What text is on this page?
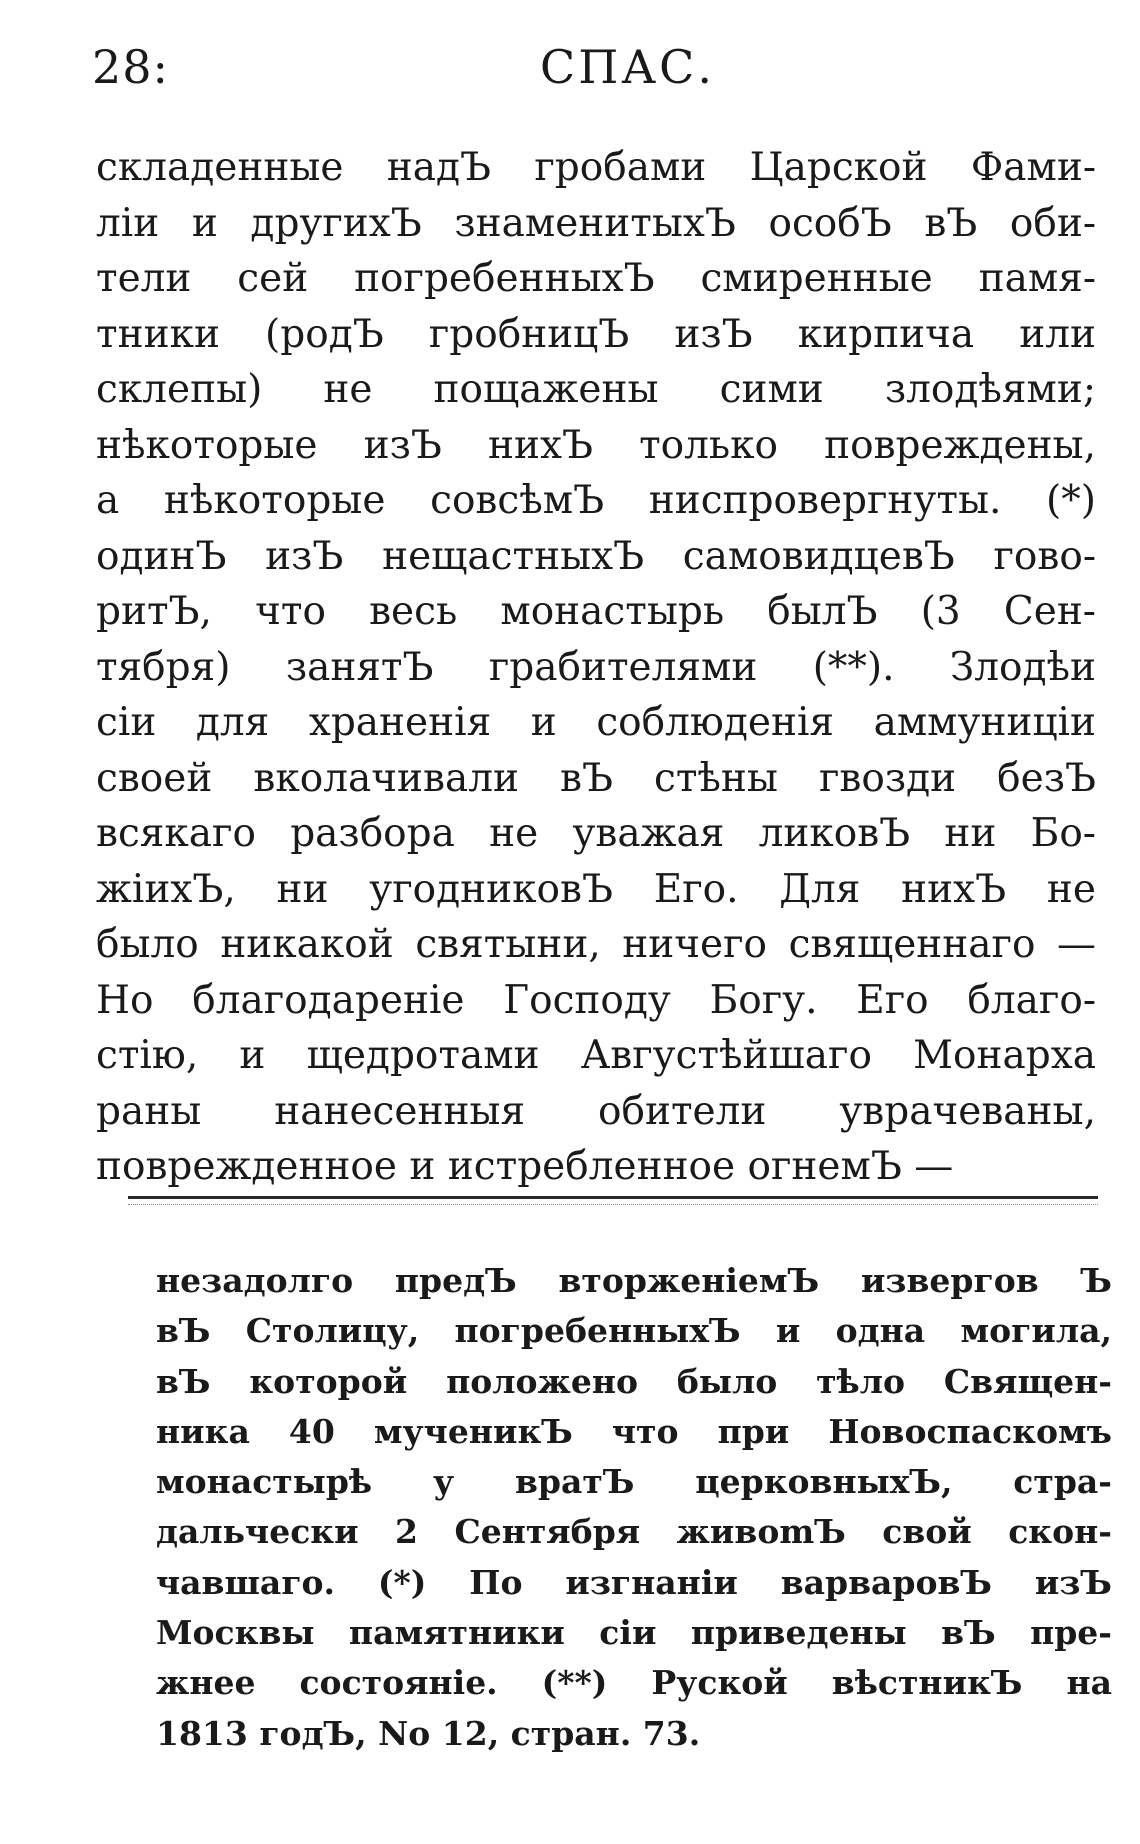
28:	СПАС.
складенные надЪ гробами Царской Фами-
лiи и другихЪ знаменитыхЪ особЪ вЪ оби-
тели сей погребенныхЪ смиренные памя-
тники (родЪ гробницЪ изЪ кирпича или
склепы) не пощажены сими злодѣями;
нѣкоторые изЪ нихЪ только повреждены,
а нѣкоторые совсѣмЪ ниспровергнуты. (*)
одинЪ изЪ нещастныхЪ самовидцевЪ гово-
ритЪ, что весь монастырь былЪ (3 Сен-
тября) занятЪ грабителями (**). Злодѣи
сiи для храненiя и соблюденiя аммуницiи
своей вколачивали вЪ стѣны гвозди безЪ
всякаго разбора не уважая ликовЪ ни Бо-
жiихЪ, ни угодниковЪ Его. Для нихЪ не
было никакой святыни, ничего священнаго —
Но благодаренiе Господу Богу. Его благо-
стiю, и щедротами Августѣйшаго Монарха
раны нанесенныя обители уврачеваны,
поврежденное и истребленное огнемЪ —
незадолго предЪ вторженiемЪ извергов Ъ
вЪ Столицу, погребенныхЪ и одна могила,
вЪ которой положено было тѣло Священ-
ника 40 мученикЪ что при Новоспаскомъ
монастырѣ у вратЪ церковныхЪ, стра-
дальчески 2 Сентября живоmЪ свой скон-
чавшаго. (*) По изгнанiи варваровЪ изЪ
Москвы памятники сiи приведены вЪ пре-
жнее состоянiе. (**) Руской вѣстникЪ на
1813 годЪ, No 12, стран. 73.
